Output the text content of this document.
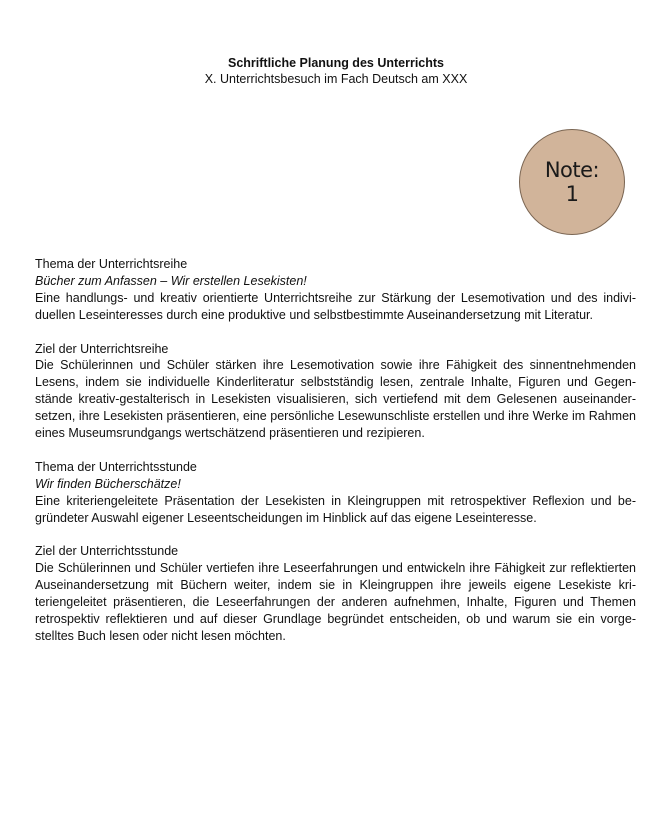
Schriftliche Planung des Unterrichts
X. Unterrichtsbesuch im Fach Deutsch am XXX
Note:
1
Thema der Unterrichtsreihe
Bücher zum Anfassen – Wir erstellen Lesekisten!
Eine handlungs- und kreativ orientierte Unterrichtsreihe zur Stärkung der Lesemotivation und des individuellen Leseinteresses durch eine produktive und selbstbestimmte Auseinandersetzung mit Literatur.
Ziel der Unterrichtsreihe
Die Schülerinnen und Schüler stärken ihre Lesemotivation sowie ihre Fähigkeit des sinnentnehmenden Lesens, indem sie individuelle Kinderliteratur selbstständig lesen, zentrale Inhalte, Figuren und Gegenstände kreativ-gestalterisch in Lesekisten visualisieren, sich vertiefend mit dem Gelesenen auseinandersetzen, ihre Lesekisten präsentieren, eine persönliche Lesewunschliste erstellen und ihre Werke im Rahmen eines Museumsrundgangs wertschätzend präsentieren und rezipieren.
Thema der Unterrichtsstunde
Wir finden Bücherschätze!
Eine kriteriengeleitete Präsentation der Lesekisten in Kleingruppen mit retrospektiver Reflexion und begründeter Auswahl eigener Leseentscheidungen im Hinblick auf das eigene Leseinteresse.
Ziel der Unterrichtsstunde
Die Schülerinnen und Schüler vertiefen ihre Leseerfahrungen und entwickeln ihre Fähigkeit zur reflektierten Auseinandersetzung mit Büchern weiter, indem sie in Kleingruppen ihre jeweils eigene Lesekiste kriteriengeleitet präsentieren, die Leseerfahrungen der anderen aufnehmen, Inhalte, Figuren und Themen retrospektiv reflektieren und auf dieser Grundlage begründet entscheiden, ob und warum sie ein vorgestelltes Buch lesen oder nicht lesen möchten.
